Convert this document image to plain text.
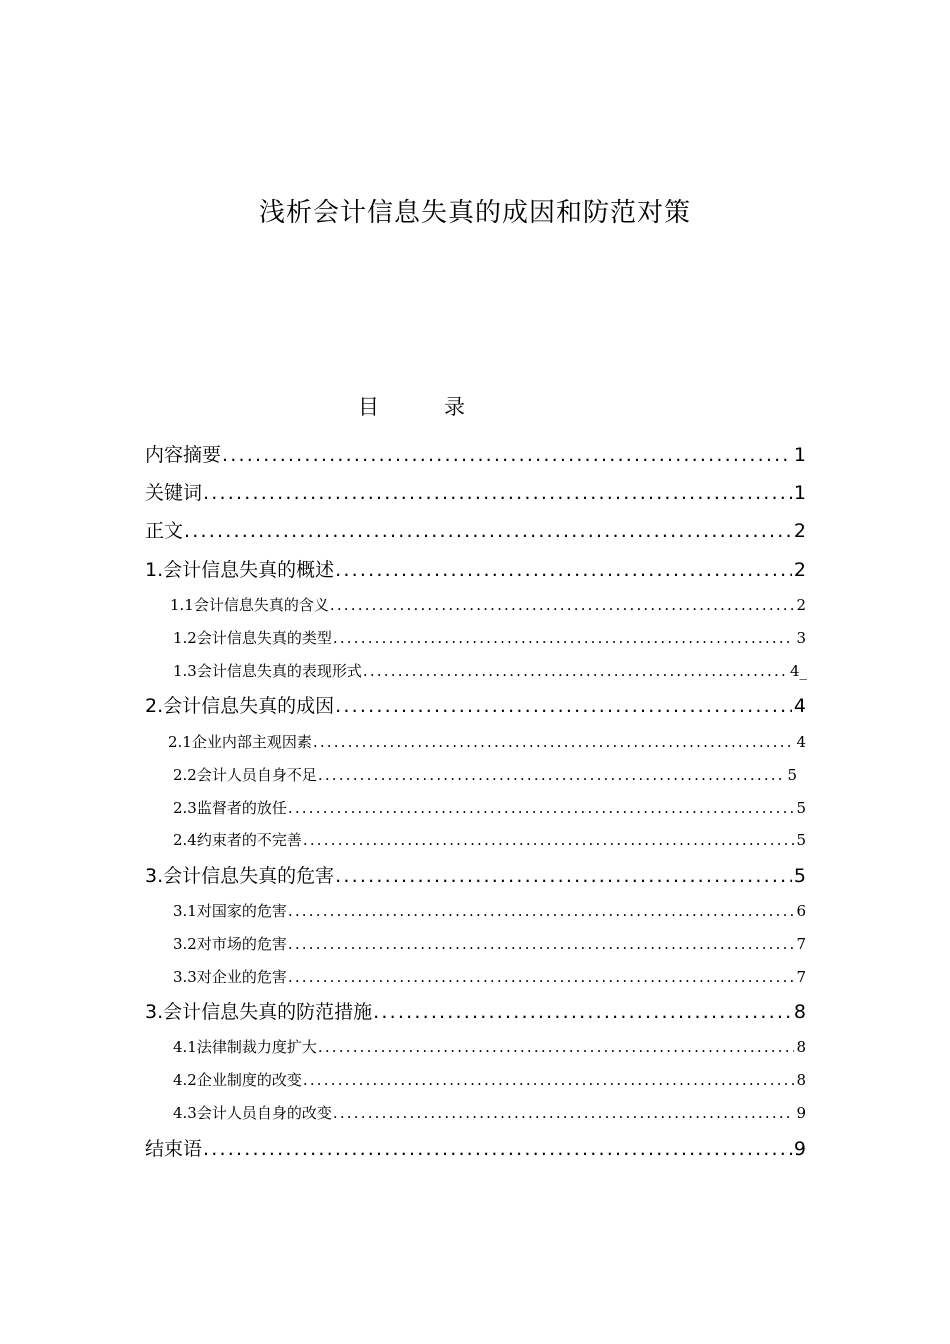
浅析会计信息失真的成因和防范对策
目　录
内容摘要 .....	1
关键词 .....	1
正文 .....	2
1.会计信息失真的概述 .....	2
1.1会计信息失真的含义 .....	2
1.2会计信息失真的类型 .....	3
1.3会计信息失真的表现形式 .....	4_
2.会计信息失真的成因 .....	4
2.1企业内部主观因素 .....	4
2.2会计人员自身不足 .....	5
2.3监督者的放任 .....	5
2.4约束者的不完善 .....	5
3.会计信息失真的危害 .....	5
3.1对国家的危害 .....	6
3.2对市场的危害 .....	7
3.3对企业的危害 .....	7
3.会计信息失真的防范措施 .....	8
4.1法律制裁力度扩大 .....	8
4.2企业制度的改变 .....	8
4.3会计人员自身的改变 .....	9
结束语 .....	9
